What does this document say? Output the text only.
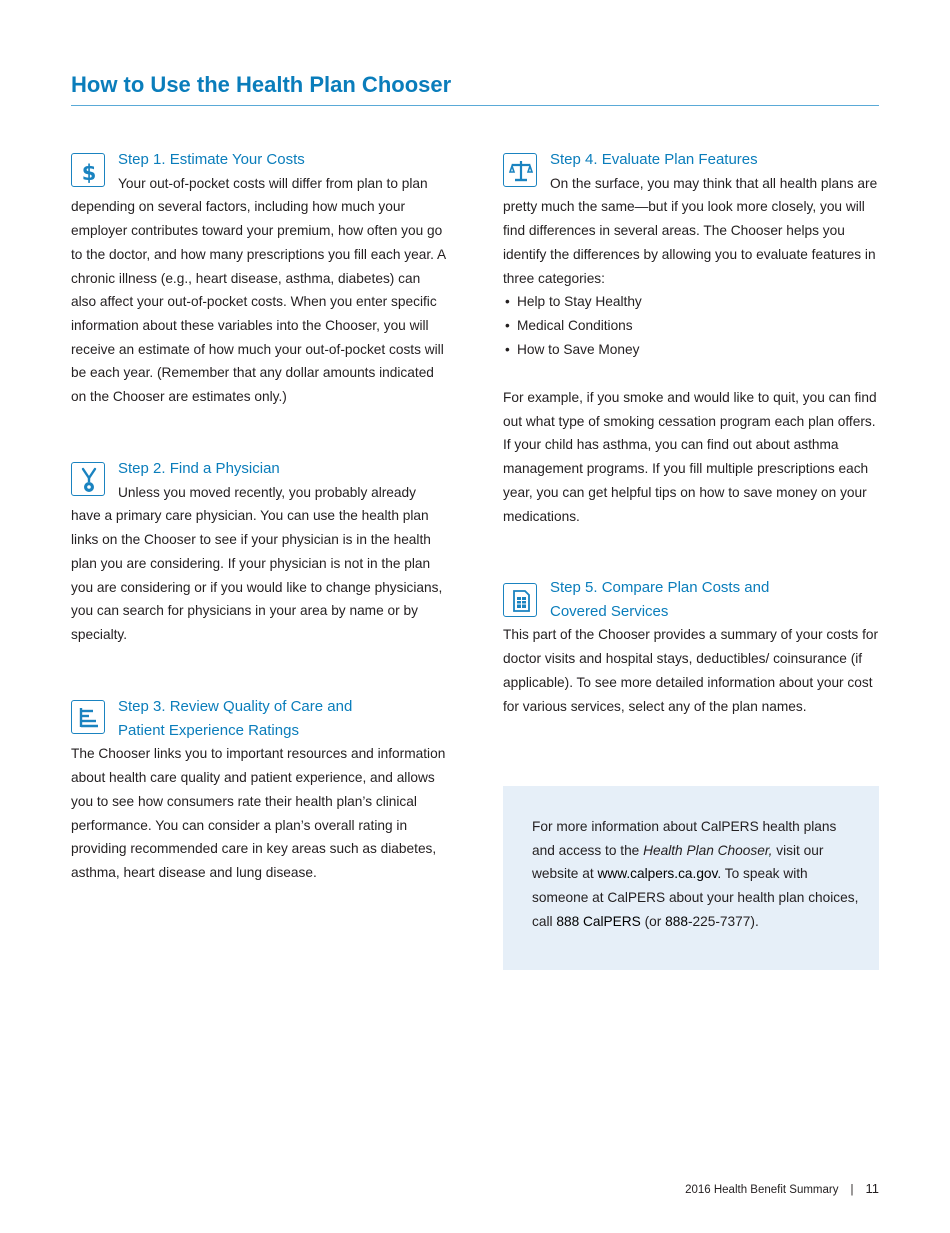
How to Use the Health Plan Chooser
$
Step 1. Estimate Your Costs

Your out-of-pocket costs will differ from plan to plan depending on several factors, including how much your employer contributes toward your premium, how often you go to the doctor, and how many prescriptions you fill each year. A chronic illness (e.g., heart disease, asthma, diabetes) can also affect your out-of-pocket costs. When you enter specific information about these variables into the Chooser, you will receive an estimate of how much your out-of-pocket costs will be each year. (Remember that any dollar amounts indicated on the Chooser are estimates only.)

Step 2. Find a Physician

Unless you moved recently, you probably already have a primary care physician. You can use the health plan links on the Chooser to see if your physician is in the health plan you are considering. If your physician is not in the plan you are considering or if you would like to change physicians, you can search for physicians in your area by name or by specialty.

Step 3. Review Quality of Care and
Patient Experience Ratings

The Chooser links you to important resources and information about health care quality and patient experience, and allows you to see how consumers rate their health plan’s clinical performance. You can consider a plan’s overall rating in providing recommended care in key areas such as diabetes, asthma, heart disease and lung disease.

Step 4. Evaluate Plan Features

On the surface, you may think that all health plans are pretty much the same—but if you look more closely, you will find differences in several areas. The Chooser helps you identify the differences by allowing you to evaluate features in three categories:

• Help to Stay Healthy
• Medical Conditions
• How to Save Money

For example, if you smoke and would like to quit, you can find out what type of smoking cessation program each plan offers. If your child has asthma, you can find out about asthma management programs. If you fill multiple prescriptions each year, you can get helpful tips on how to save money on your medications.

Step 5. Compare Plan Costs and
Covered Services

This part of the Chooser provides a summary of your costs for doctor visits and hospital stays, deductibles/ coinsurance (if applicable). To see more detailed information about your cost for various services, select any of the plan names.

For more information about CalPERS health plans and access to the Health Plan Chooser, visit our website at www.calpers.ca.gov. To speak with someone at CalPERS about your health plan choices, call 888 CalPERS (or 888-225-7377).

2016 Health Benefit Summary | 11
